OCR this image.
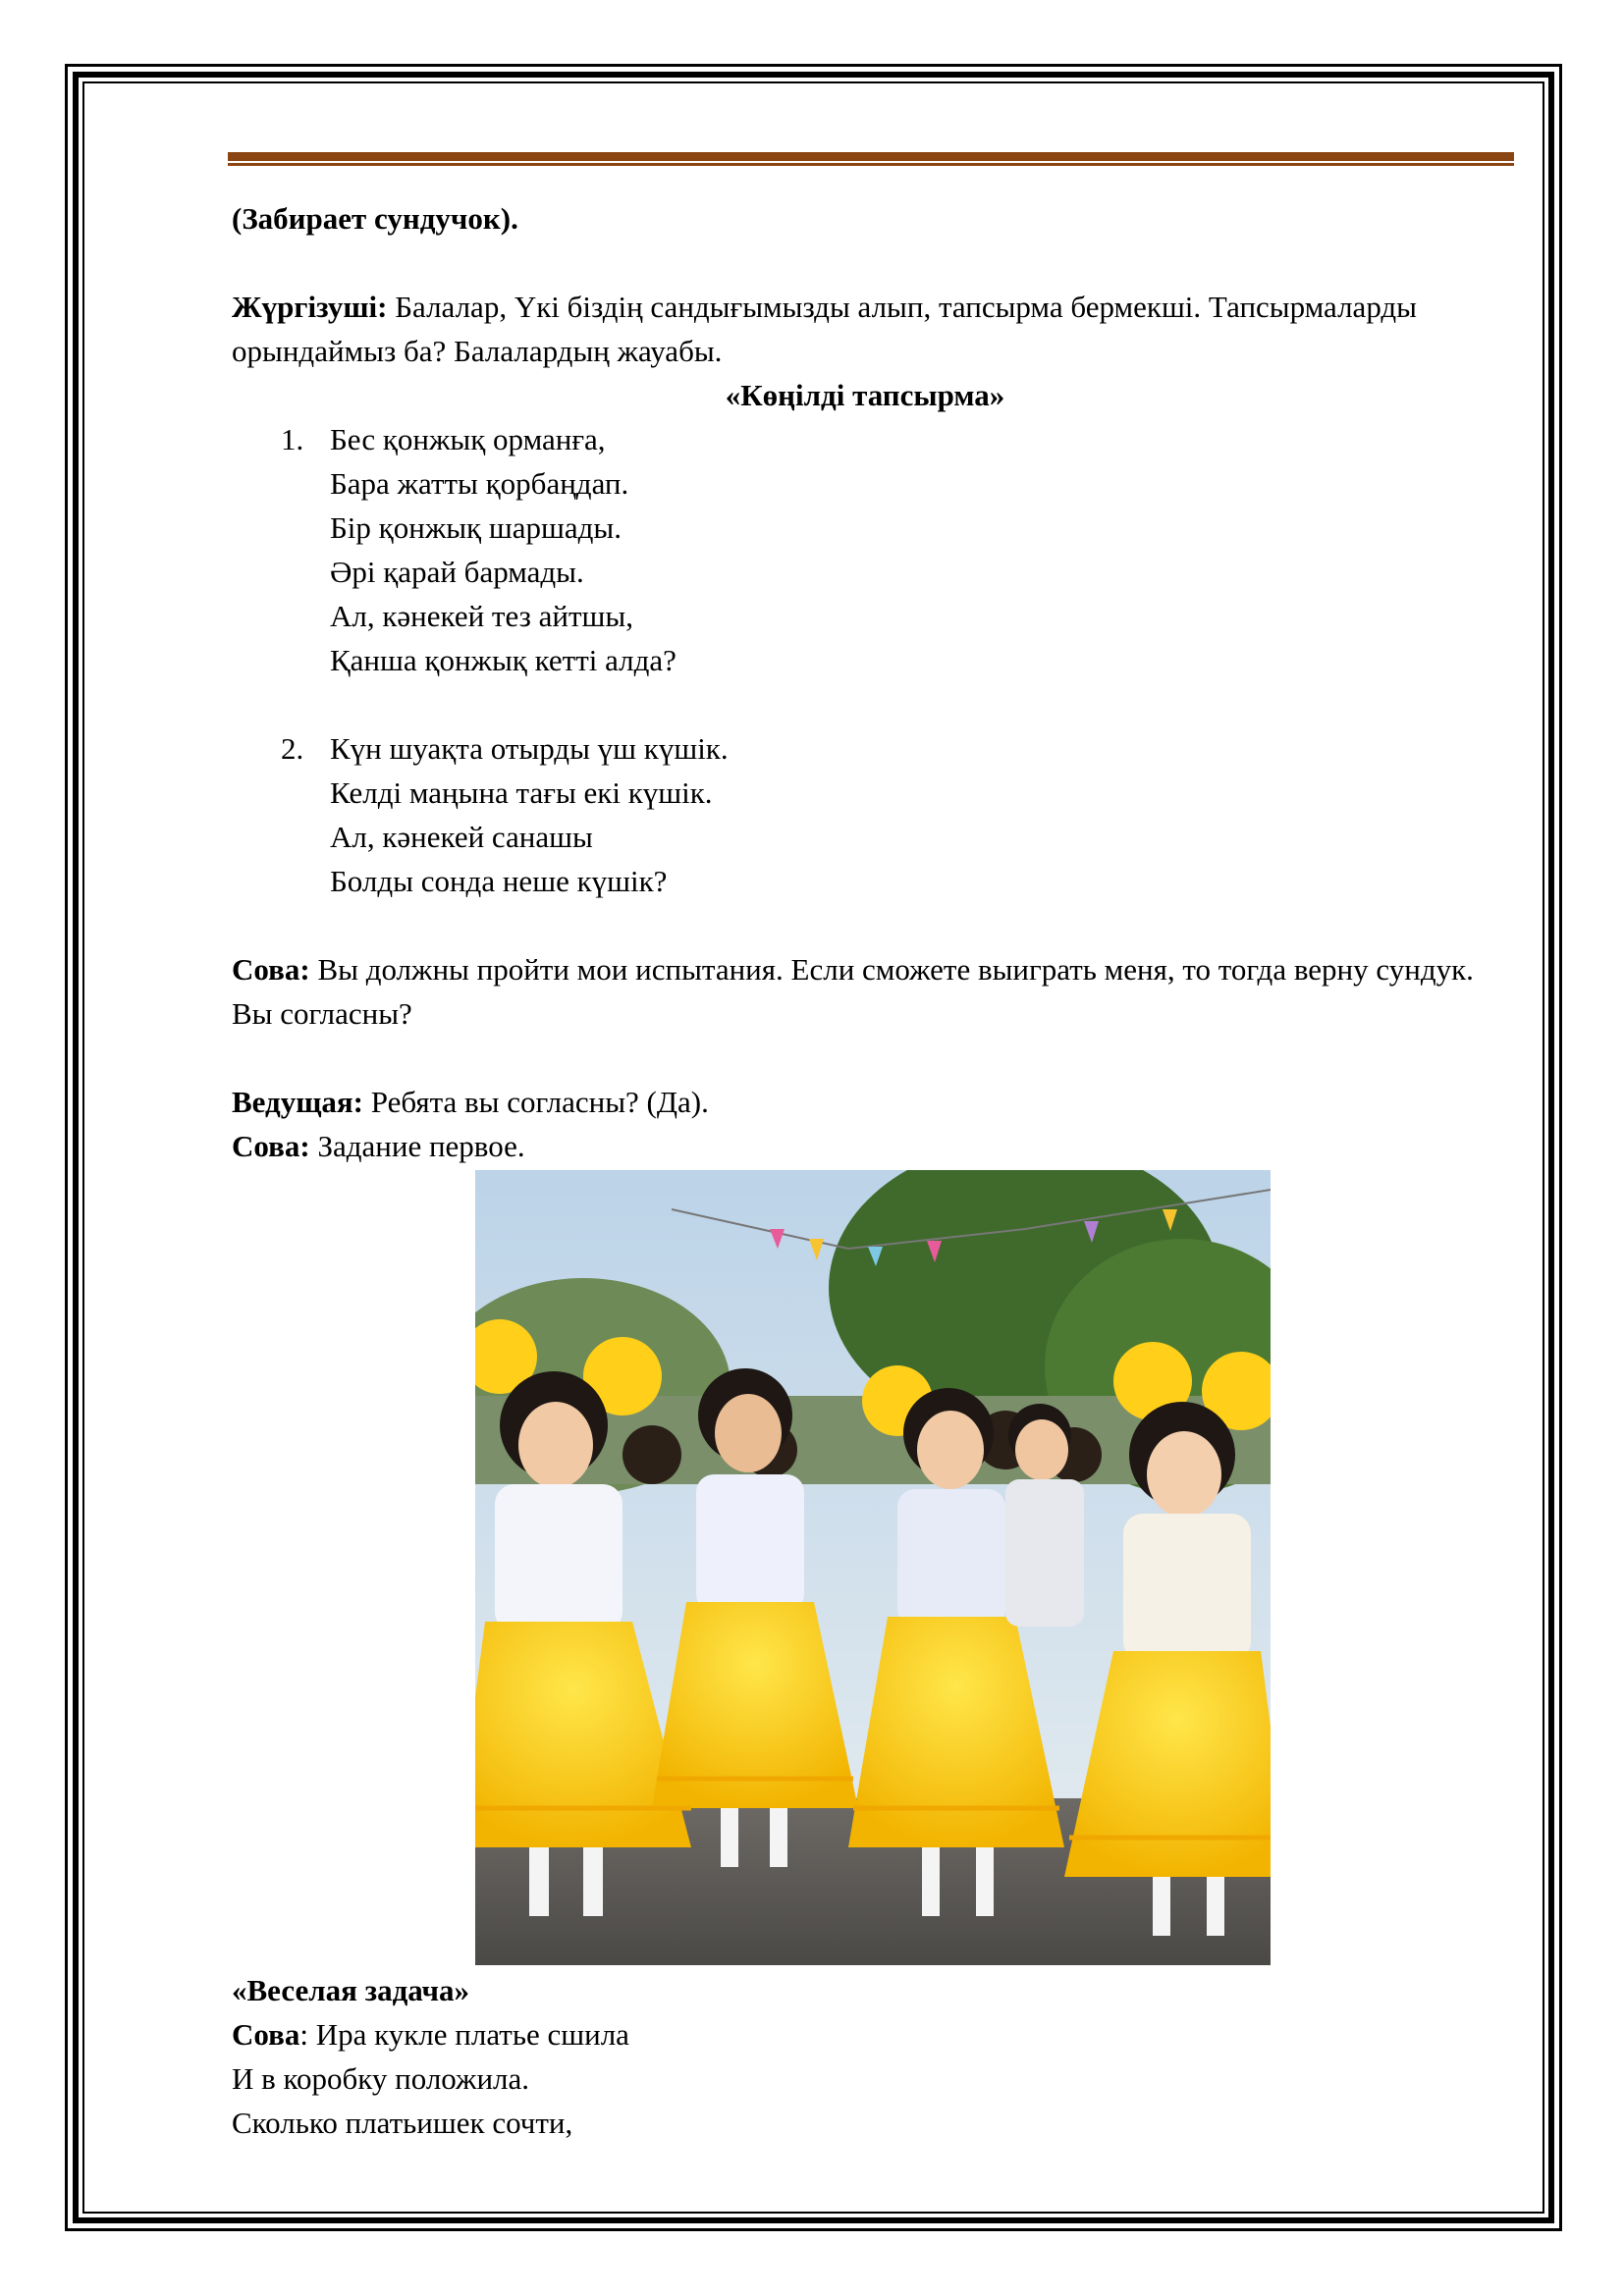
(Забирает сундучок).

Жүргізуші: Балалар, Үкі біздің сандығымызды алып, тапсырма бермекші. Тапсырмаларды орындаймыз ба? Балалардың жауабы.

«Көңілді тапсырма»

1. Бес қонжық орманға,
Бара жатты қорбаңдап.
Бір қонжық шаршады.
Әрі қарай бармады.
Ал, кәнекей тез айтшы,
Қанша қонжық кетті алда?
2. Күн шуақта отырды үш күшік.
Келді маңына тағы екі күшік.
Ал, кәнекей санашы
Болды сонда неше күшік?

Сова: Вы должны пройти мои испытания. Если сможете выиграть меня, то тогда верну сундук. Вы согласны?

Ведущая: Ребята вы согласны? (Да).

Сова: Задание первое.

«Веселая задача»

Сова: Ира кукле платье сшила

И в коробку положила.

Сколько платьишек сочти,
